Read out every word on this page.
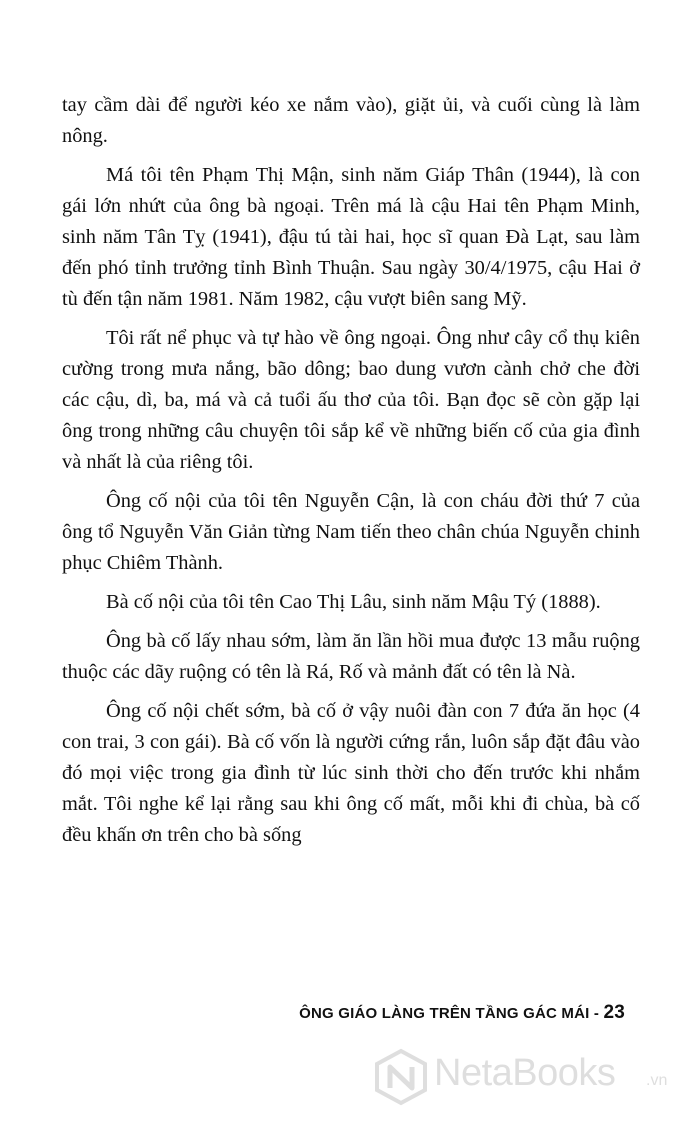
tay cầm dài để người kéo xe nắm vào), giặt ủi, và cuối cùng là làm nông.

Má tôi tên Phạm Thị Mận, sinh năm Giáp Thân (1944), là con gái lớn nhứt của ông bà ngoại. Trên má là cậu Hai tên Phạm Minh, sinh năm Tân Tỵ (1941), đậu tú tài hai, học sĩ quan Đà Lạt, sau làm đến phó tỉnh trưởng tỉnh Bình Thuận. Sau ngày 30/4/1975, cậu Hai ở tù đến tận năm 1981. Năm 1982, cậu vượt biên sang Mỹ.

Tôi rất nể phục và tự hào về ông ngoại. Ông như cây cổ thụ kiên cường trong mưa nắng, bão dông; bao dung vươn cành chở che đời các cậu, dì, ba, má và cả tuổi ấu thơ của tôi. Bạn đọc sẽ còn gặp lại ông trong những câu chuyện tôi sắp kể về những biến cố của gia đình và nhất là của riêng tôi.

Ông cố nội của tôi tên Nguyễn Cận, là con cháu đời thứ 7 của ông tổ Nguyễn Văn Giản từng Nam tiến theo chân chúa Nguyễn chinh phục Chiêm Thành.

Bà cố nội của tôi tên Cao Thị Lâu, sinh năm Mậu Tý (1888).

Ông bà cố lấy nhau sớm, làm ăn lần hồi mua được 13 mẫu ruộng thuộc các dãy ruộng có tên là Rá, Rố và mảnh đất có tên là Nà.

Ông cố nội chết sớm, bà cố ở vậy nuôi đàn con 7 đứa ăn học (4 con trai, 3 con gái). Bà cố vốn là người cứng rắn, luôn sắp đặt đâu vào đó mọi việc trong gia đình từ lúc sinh thời cho đến trước khi nhắm mắt. Tôi nghe kể lại rằng sau khi ông cố mất, mỗi khi đi chùa, bà cố đều khấn ơn trên cho bà sống

ÔNG GIÁO LÀNG TRÊN TẦNG GÁC MÁI - 23
NetaBooks .vn
